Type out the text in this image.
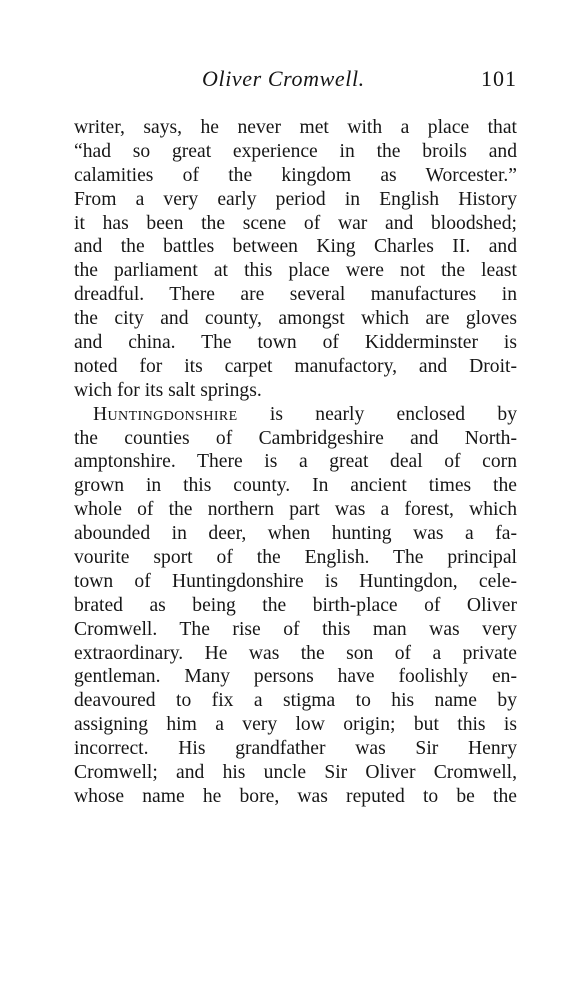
Oliver Cromwell.	101
writer, says, he never met with a place that
“had so great experience in the broils and
calamities of the kingdom as Worcester.”
From a very early period in English History
it has been the scene of war and bloodshed;
and the battles between King Charles II. and
the parliament at this place were not the least
dreadful. There are several manufactures in
the city and county, amongst which are gloves
and china. The town of Kidderminster is
noted for its carpet manufactory, and Droit-
wich for its salt springs.
Huntingdonshire is nearly enclosed by
the counties of Cambridgeshire and North-
amptonshire. There is a great deal of corn
grown in this county. In ancient times the
whole of the northern part was a forest, which
abounded in deer, when hunting was a fa-
vourite sport of the English. The principal
town of Huntingdonshire is Huntingdon, cele-
brated as being the birth-place of Oliver
Cromwell. The rise of this man was very
extraordinary. He was the son of a private
gentleman. Many persons have foolishly en-
deavoured to fix a stigma to his name by
assigning him a very low origin; but this is
incorrect. His grandfather was Sir Henry
Cromwell; and his uncle Sir Oliver Cromwell,
whose name he bore, was reputed to be the
